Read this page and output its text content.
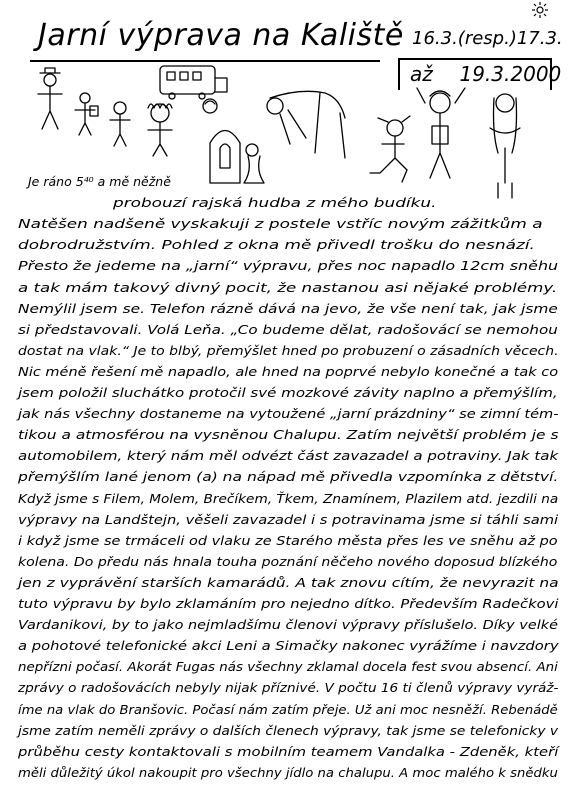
Jarní výprava na Kaliště 16.3.(resp.)17.3.
až 19.3.2000
Je ráno 5⁴⁰ a mě něžně
probouzí rajská hudba z mého budíku.
Natěšen nadšeně vyskakuji z postele vstříc novým zážitkům a
dobrodružstvím. Pohled z okna mě přivedl trošku do nesnází.
Přesto že jedeme na „jarní“ výpravu, přes noc napadlo 12cm sněhu
a tak mám takový divný pocit, že nastanou asi nějaké problémy.
Nemýlil jsem se. Telefon rázně dává na jevo, že vše není tak, jak jsme
si představovali. Volá Leňa. „Co budeme dělat, radošovácí se nemohou
dostat na vlak.“ Je to blbý, přemýšlet hned po probuzení o zásadních věcech.
Nic méně řešení mě napadlo, ale hned na poprvé nebylo konečné a tak co
jsem položil sluchátko protočil své mozkové závity naplno a přemýšlím,
jak nás všechny dostaneme na vytoužené „jarní prázdniny“ se zimní tém-
tikou a atmosférou na vysněnou Chalupu. Zatím největší problém je s
automobilem, který nám měl odvézt část zavazadel a potraviny. Jak tak
přemýšlím lané jenom (a) na nápad mě přivedla vzpomínka z dětství.
Když jsme s Filem, Molem, Brečíkem, Ťkem, Znamínem, Plazilem atd. jezdili na
výpravy na Landštejn, věšeli zavazadel i s potravinama jsme si táhli sami
i když jsme se trmáceli od vlaku ze Starého města přes les ve sněhu až po
kolena. Do předu nás hnala touha poznání něčeho nového doposud blízkého
jen z vyprávění starších kamarádů. A tak znovu cítím, že nevyrazit na
tuto výpravu by bylo zklamáním pro nejedno dítko. Především Radečkovi
Vardanikovi, by to jako nejmladšímu členovi výpravy příslušelo. Díky velké
a pohotové telefonické akci Leni a Simačky nakonec vyrážíme i navzdory
nepřízni počasí. Akorát Fugas nás všechny zklamal docela fest svou absencí. Ani
zprávy o radošovácích nebyly nijak příznivé. V počtu 16 ti členů výpravy vyráž-
íme na vlak do Branšovic. Počasí nám zatím přeje. Už ani moc nesněží. Rebenádě
jsme zatím neměli zprávy o dalších členech výpravy, tak jsme se telefonicky v
průběhu cesty kontaktovali s mobilním teamem Vandalka - Zdeněk, kteří
měli důležitý úkol nakoupit pro všechny jídlo na chalupu. A moc malého k snědku
